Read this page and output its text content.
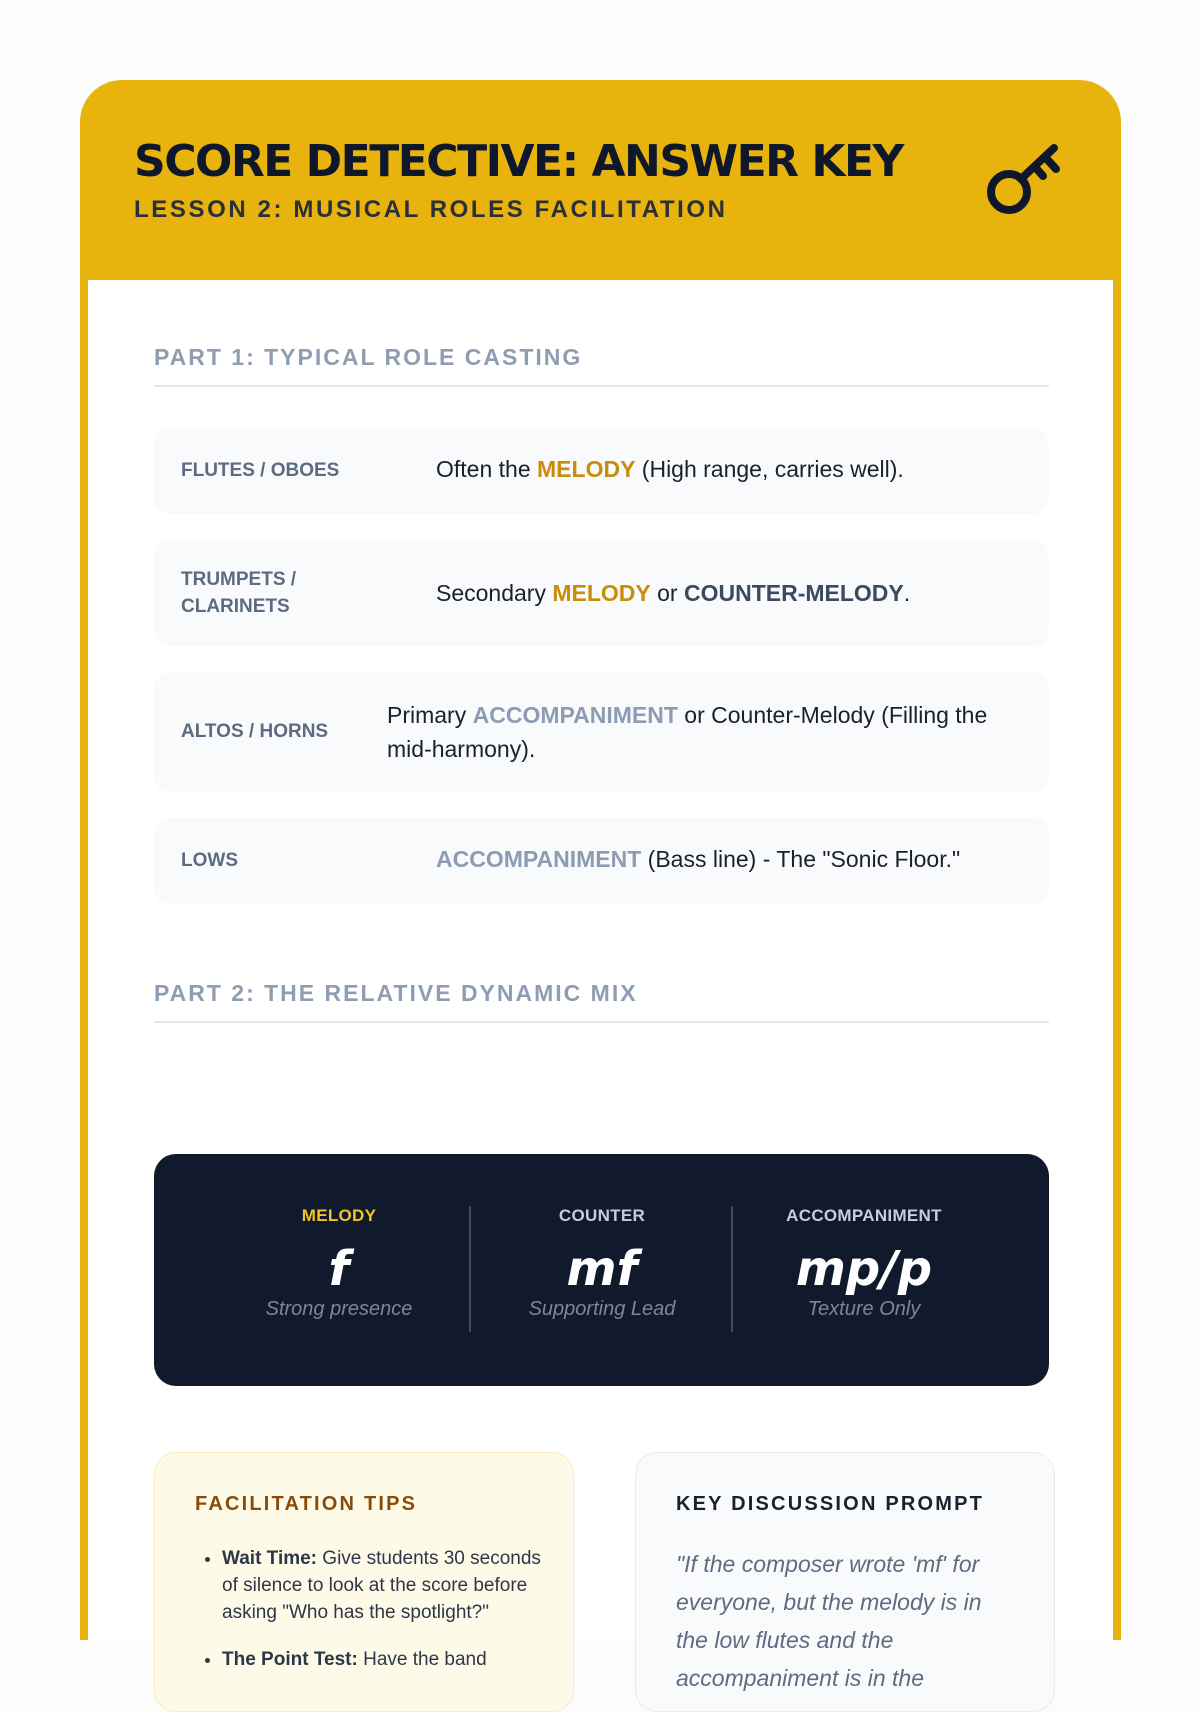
SCORE DETECTIVE: ANSWER KEY
LESSON 2: MUSICAL ROLES FACILITATION
PART 1: TYPICAL ROLE CASTING
FLUTES / OBOES	Often the MELODY (High range, carries well).
TRUMPETS / CLARINETS
Secondary MELODY or COUNTER-MELODY.
ALTOS / HORNS
Primary ACCOMPANIMENT or Counter-Melody (Filling the mid-harmony).
LOWS	ACCOMPANIMENT (Bass line) - The "Sonic Floor."
PART 2: THE RELATIVE DYNAMIC MIX
MELODY
f
Strong presence
COUNTER
mf
Supporting Lead
ACCOMPANIMENT
mp/p
Texture Only
FACILITATION TIPS
• Wait Time: Give students 30 seconds of silence to look at the score before asking "Who has the spotlight?"
• The Point Test: Have the band
KEY DISCUSSION PROMPT
"If the composer wrote 'mf' for everyone, but the melody is in the low flutes and the accompaniment is in the
